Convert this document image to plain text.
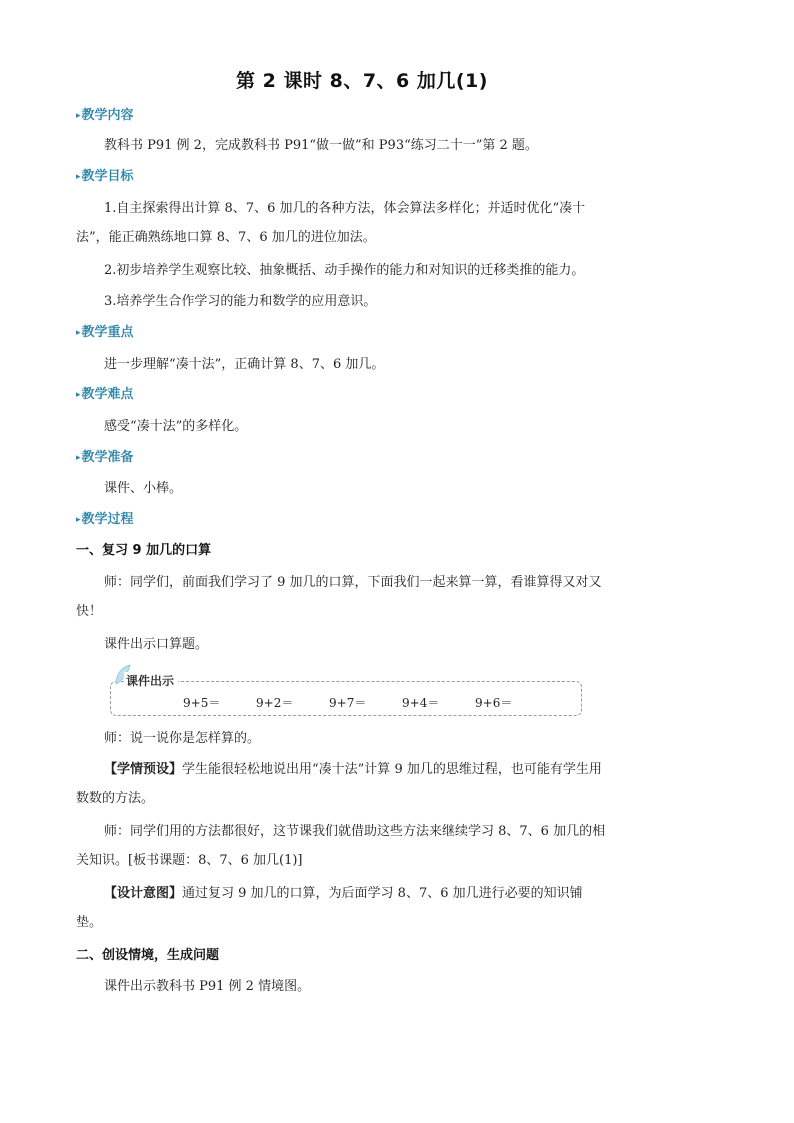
第 2 课时 8、7、6 加几(1)
▸教学内容
教科书 P91 例 2，完成教科书 P91“做一做”和 P93“练习二十一”第 2 题。
▸教学目标
1.自主探索得出计算 8、7、6 加几的各种方法，体会算法多样化；并适时优化“凑十法”，能正确熟练地口算 8、7、6 加几的进位加法。
2.初步培养学生观察比较、抽象概括、动手操作的能力和对知识的迁移类推的能力。
3.培养学生合作学习的能力和数学的应用意识。
▸教学重点
进一步理解“凑十法”，正确计算 8、7、6 加几。
▸教学难点
感受“凑十法”的多样化。
▸教学准备
课件、小棒。
▸教学过程
一、复习 9 加几的口算
师：同学们，前面我们学习了 9 加几的口算，下面我们一起来算一算，看谁算得又对又快！
课件出示口算题。
课件出示
9+5＝	9+2＝	9+7＝	9+4＝	9+6＝
师：说一说你是怎样算的。
【学情预设】学生能很轻松地说出用“凑十法”计算 9 加几的思维过程，也可能有学生用数数的方法。
师：同学们用的方法都很好，这节课我们就借助这些方法来继续学习 8、7、6 加几的相关知识。[板书课题：8、7、6 加几(1)]
【设计意图】通过复习 9 加几的口算，为后面学习 8、7、6 加几进行必要的知识铺垫。
二、创设情境，生成问题
课件出示教科书 P91 例 2 情境图。
